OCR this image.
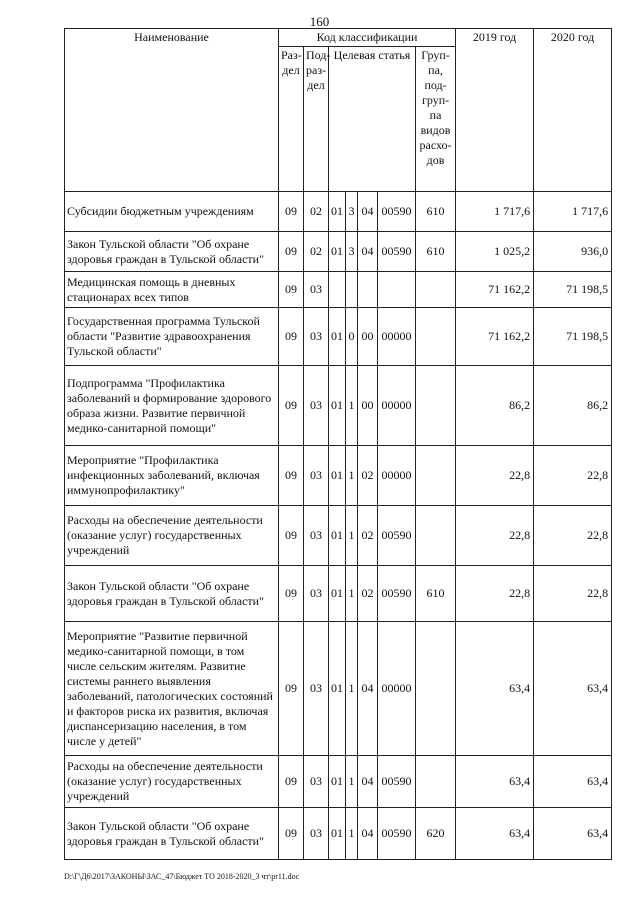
160
Наименование	Код классификации							2019 год	2020 год
	Раз-дел	Под-раз-дел	Целевая статья				Груп-па, под-груп-па видов расхо-дов		
Субсидии бюджетным учреждениям	09	02	01	3	04	00590	610	1 717,6	1 717,6
Закон Тульской области "Об охране здоровья граждан в Тульской области"	09	02	01	3	04	00590	610	1 025,2	936,0
Медицинская помощь в дневных стационарах всех типов	09	03						71 162,2	71 198,5
Государственная программа Тульской области "Развитие здравоохранения Тульской области"	09	03	01	0	00	00000		71 162,2	71 198,5
Подпрограмма "Профилактика заболеваний и формирование здорового образа жизни. Развитие первичной медико-санитарной помощи"	09	03	01	1	00	00000		86,2	86,2
Мероприятие "Профилактика инфекционных заболеваний, включая иммунопрофилактику"	09	03	01	1	02	00000		22,8	22,8
Расходы на обеспечение деятельности (оказание услуг) государственных учреждений	09	03	01	1	02	00590		22,8	22,8
Закон Тульской области "Об охране здоровья граждан в Тульской области"	09	03	01	1	02	00590	610	22,8	22,8
Мероприятие "Развитие первичной медико-санитарной помощи, в том числе сельским жителям. Развитие системы раннего выявления заболеваний, патологических состояний и факторов риска их развития, включая диспансеризацию населения, в том числе у детей"	09	03	01	1	04	00000		63,4	63,4
Расходы на обеспечение деятельности (оказание услуг) государственных учреждений	09	03	01	1	04	00590		63,4	63,4
Закон Тульской области "Об охране здоровья граждан в Тульской области"	09	03	01	1	04	00590	620	63,4	63,4
D:\Г\Д6\2017\ЗАКОНЫ\ЗАС_47\Бюджет ТО 2018-2020_3 чт\pr11.doc
